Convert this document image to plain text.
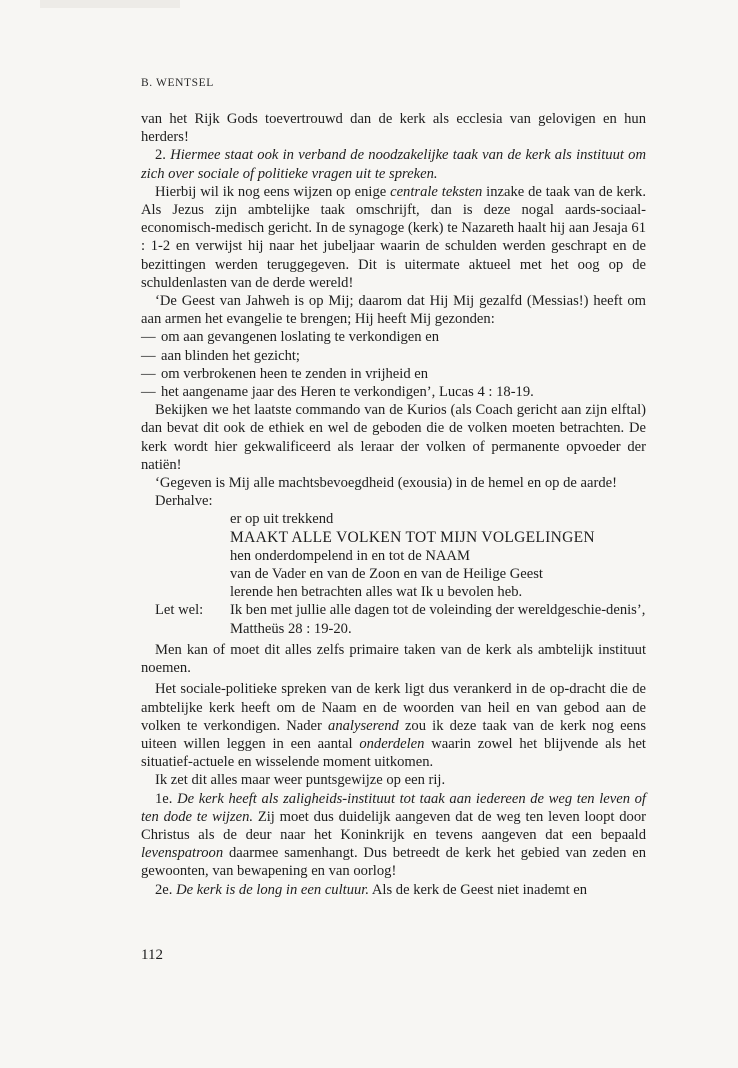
B. WENTSEL

van het Rijk Gods toevertrouwd dan de kerk als ecclesia van gelovigen en hun herders!

2. Hiermee staat ook in verband de noodzakelijke taak van de kerk als instituut om zich over sociale of politieke vragen uit te spreken.

Hierbij wil ik nog eens wijzen op enige centrale teksten inzake de taak van de kerk. Als Jezus zijn ambtelijke taak omschrijft, dan is deze nogal aards-sociaal-economisch-medisch gericht. In de synagoge (kerk) te Nazareth haalt hij aan Jesaja 61 : 1-2 en verwijst hij naar het jubeljaar waarin de schulden werden geschrapt en de bezittingen werden teruggegeven. Dit is uitermate aktueel met het oog op de schuldenlasten van de derde wereld!

‘De Geest van Jahweh is op Mij; daarom dat Hij Mij gezalfd (Messias!) heeft om aan armen het evangelie te brengen; Hij heeft Mij gezonden:

— om aan gevangenen loslating te verkondigen en

— aan blinden het gezicht;

— om verbrokenen heen te zenden in vrijheid en

— het aangename jaar des Heren te verkondigen’, Lucas 4 : 18-19.

Bekijken we het laatste commando van de Kurios (als Coach gericht aan zijn elftal) dan bevat dit ook de ethiek en wel de geboden die de volken moeten betrachten. De kerk wordt hier gekwalificeerd als leraar der volken of permanente opvoeder der natiën!

‘Gegeven is Mij alle machtsbevoegdheid (exousia) in de hemel en op de aarde!

Derhalve:

er op uit trekkend

MAAKT ALLE VOLKEN TOT MIJN VOLGELINGEN

hen onderdompelend in en tot de NAAM

van de Vader en van de Zoon en van de Heilige Geest

lerende hen betrachten alles wat Ik u bevolen heb.

Let wel:	Ik ben met jullie alle dagen tot de voleinding der wereldgeschie-denis’, Mattheüs 28 : 19-20.

Men kan of moet dit alles zelfs primaire taken van de kerk als ambtelijk instituut noemen.

Het sociale-politieke spreken van de kerk ligt dus verankerd in de op-dracht die de ambtelijke kerk heeft om de Naam en de woorden van heil en van gebod aan de volken te verkondigen. Nader analyserend zou ik deze taak van de kerk nog eens uiteen willen leggen in een aantal onderdelen waarin zowel het blijvende als het situatief-actuele en wisselende moment uitkomen.

Ik zet dit alles maar weer puntsgewijze op een rij.

1e. De kerk heeft als zaligheids-instituut tot taak aan iedereen de weg ten leven of ten dode te wijzen. Zij moet dus duidelijk aangeven dat de weg ten leven loopt door Christus als de deur naar het Koninkrijk en tevens aangeven dat een bepaald levenspatroon daarmee samenhangt. Dus betreedt de kerk het gebied van zeden en gewoonten, van bewapening en van oorlog!

2e. De kerk is de long in een cultuur. Als de kerk de Geest niet inademt en

112
